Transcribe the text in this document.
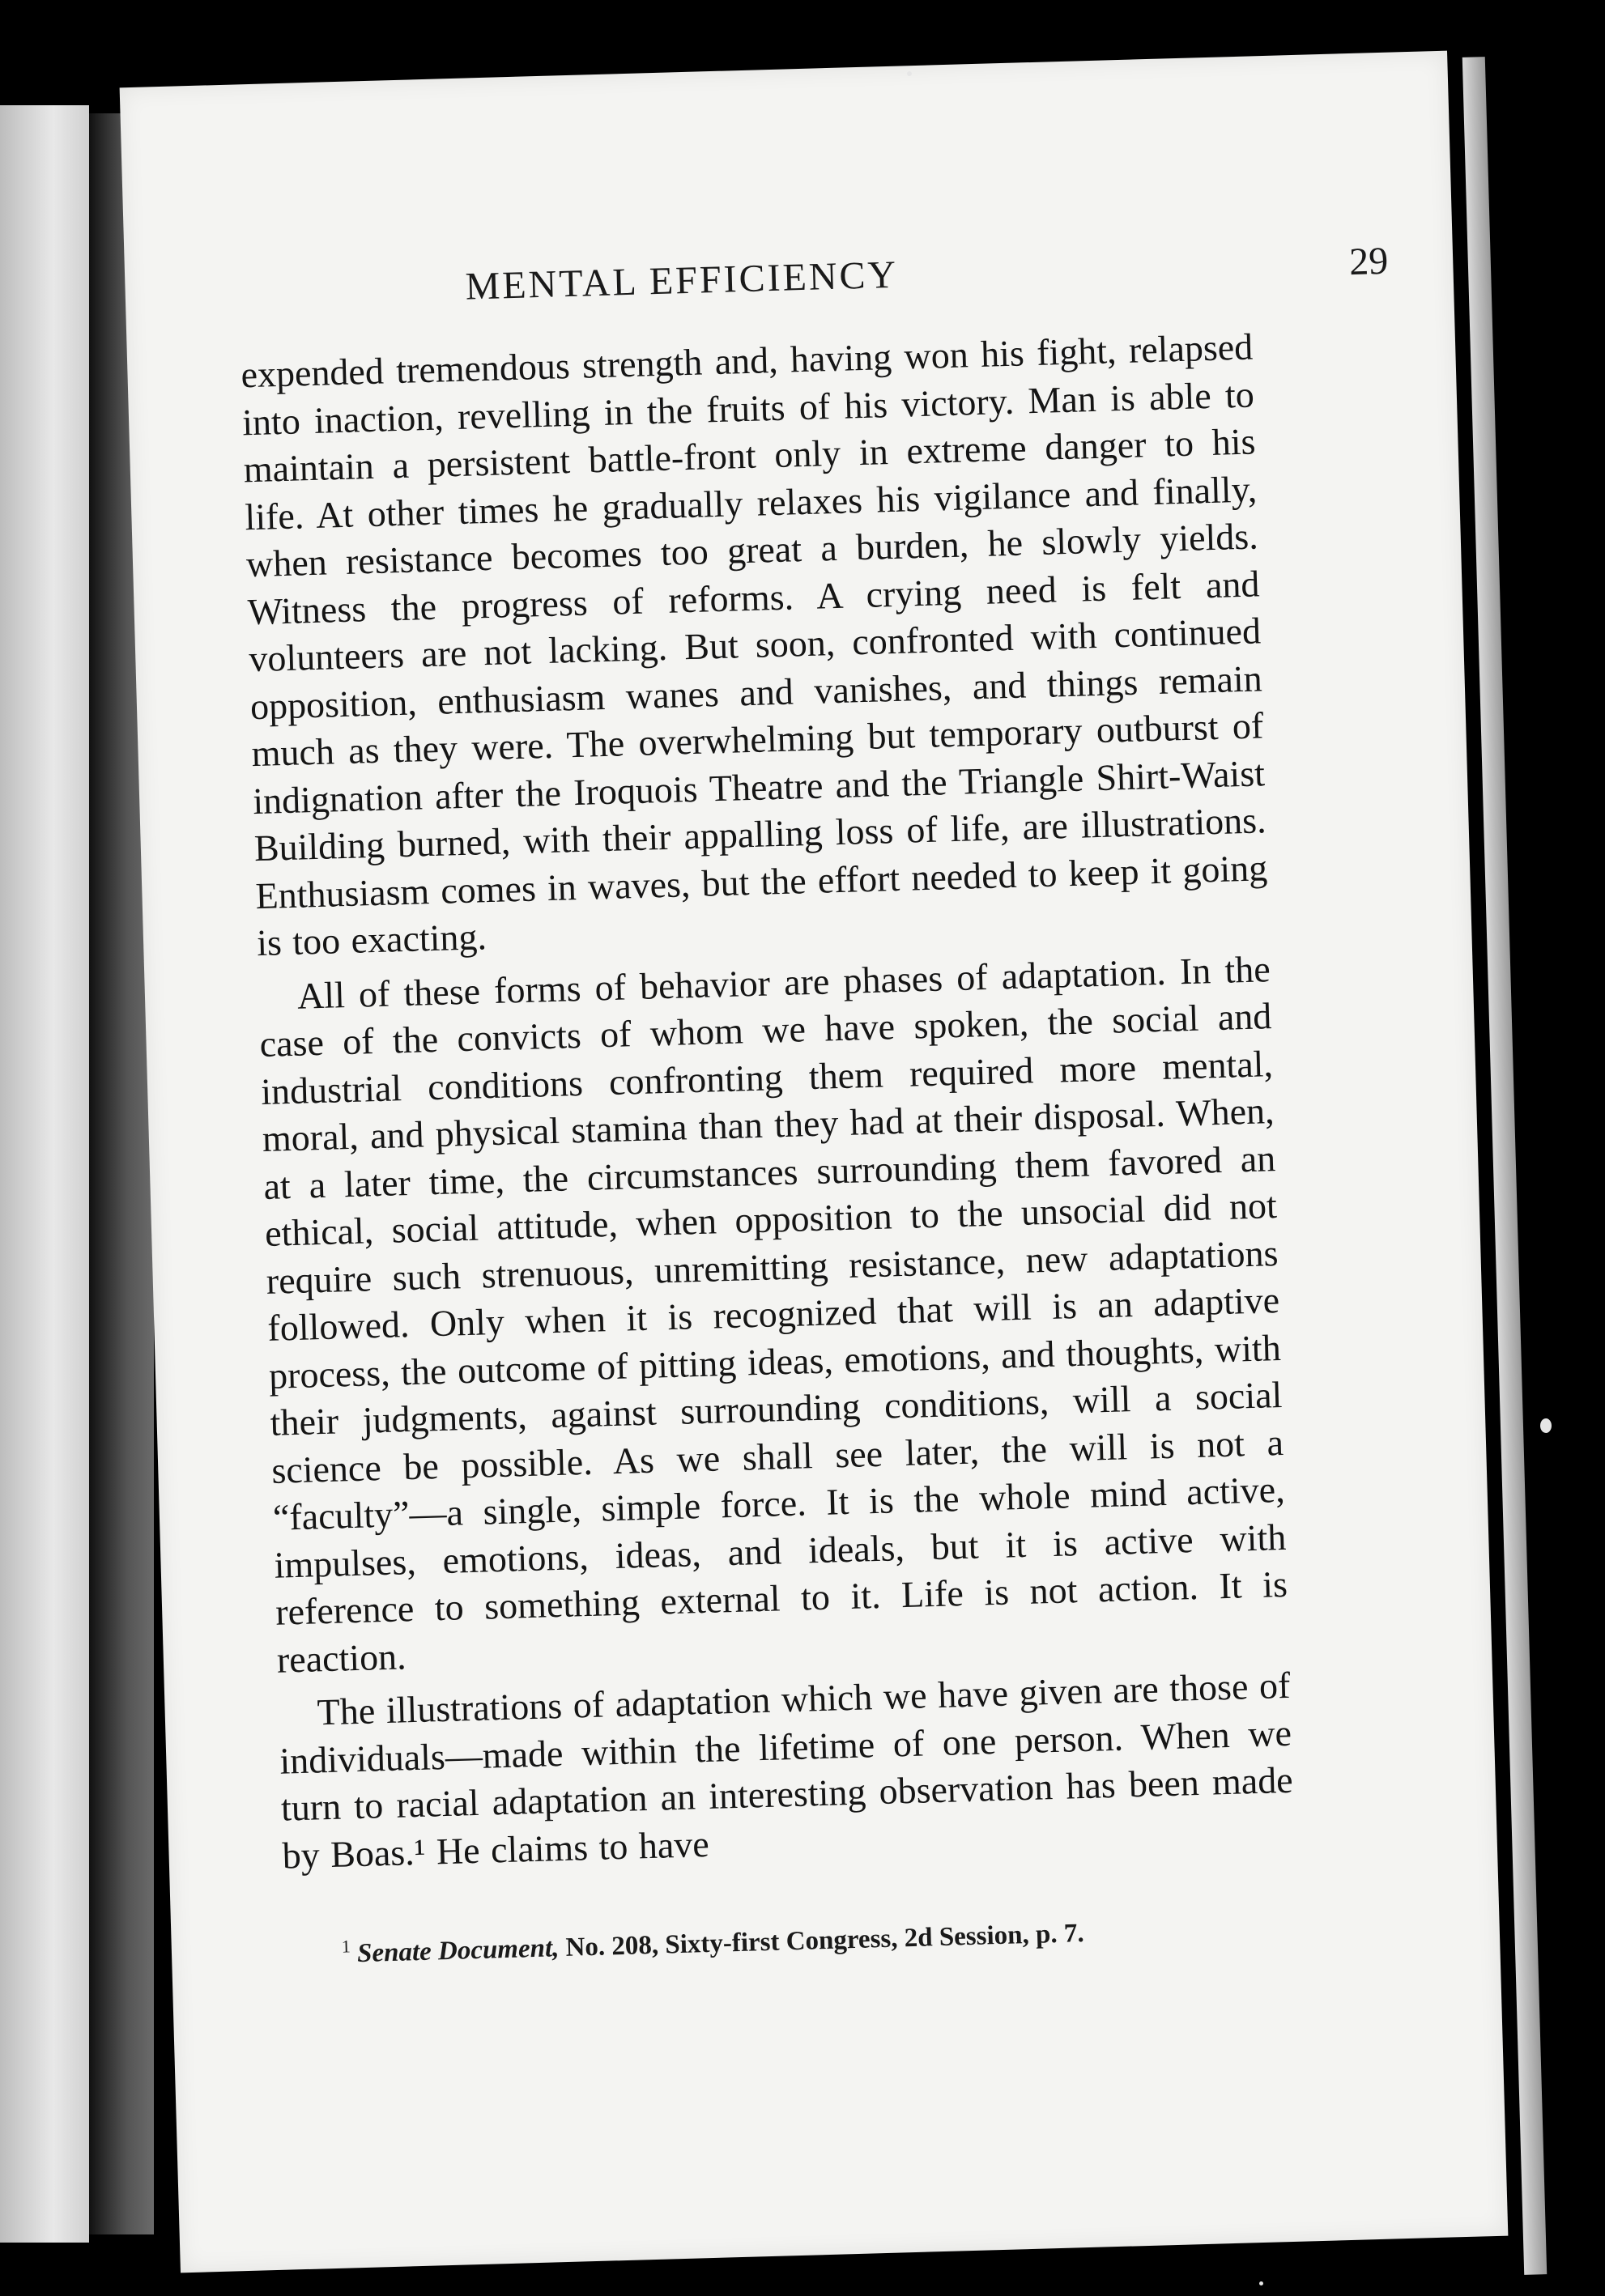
MENTAL EFFICIENCY	29

expended tremendous strength and, having won his fight, relapsed into inaction, revelling in the fruits of his victory. Man is able to maintain a persistent battle-front only in extreme danger to his life. At other times he gradually relaxes his vigilance and finally, when resistance becomes too great a burden, he slowly yields. Witness the progress of reforms. A crying need is felt and volunteers are not lacking. But soon, confronted with continued opposition, enthusiasm wanes and vanishes, and things remain much as they were. The overwhelming but temporary outburst of indignation after the Iroquois Theatre and the Triangle Shirt-Waist Building burned, with their appalling loss of life, are illustrations. Enthusiasm comes in waves, but the effort needed to keep it going is too exacting.

All of these forms of behavior are phases of adaptation. In the case of the convicts of whom we have spoken, the social and industrial conditions confronting them required more mental, moral, and physical stamina than they had at their disposal. When, at a later time, the circumstances surrounding them favored an ethical, social attitude, when opposition to the unsocial did not require such strenuous, unremitting resistance, new adaptations followed. Only when it is recognized that will is an adaptive process, the outcome of pitting ideas, emotions, and thoughts, with their judgments, against surrounding conditions, will a social science be possible. As we shall see later, the will is not a “faculty”—a single, simple force. It is the whole mind active, impulses, emotions, ideas, and ideals, but it is active with reference to something external to it. Life is not action. It is reaction.

The illustrations of adaptation which we have given are those of individuals—made within the lifetime of one person. When we turn to racial adaptation an interesting observation has been made by Boas.¹ He claims to have

$^1$ Senate Document, No. 208, Sixty-first Congress, 2d Session, p. 7.
